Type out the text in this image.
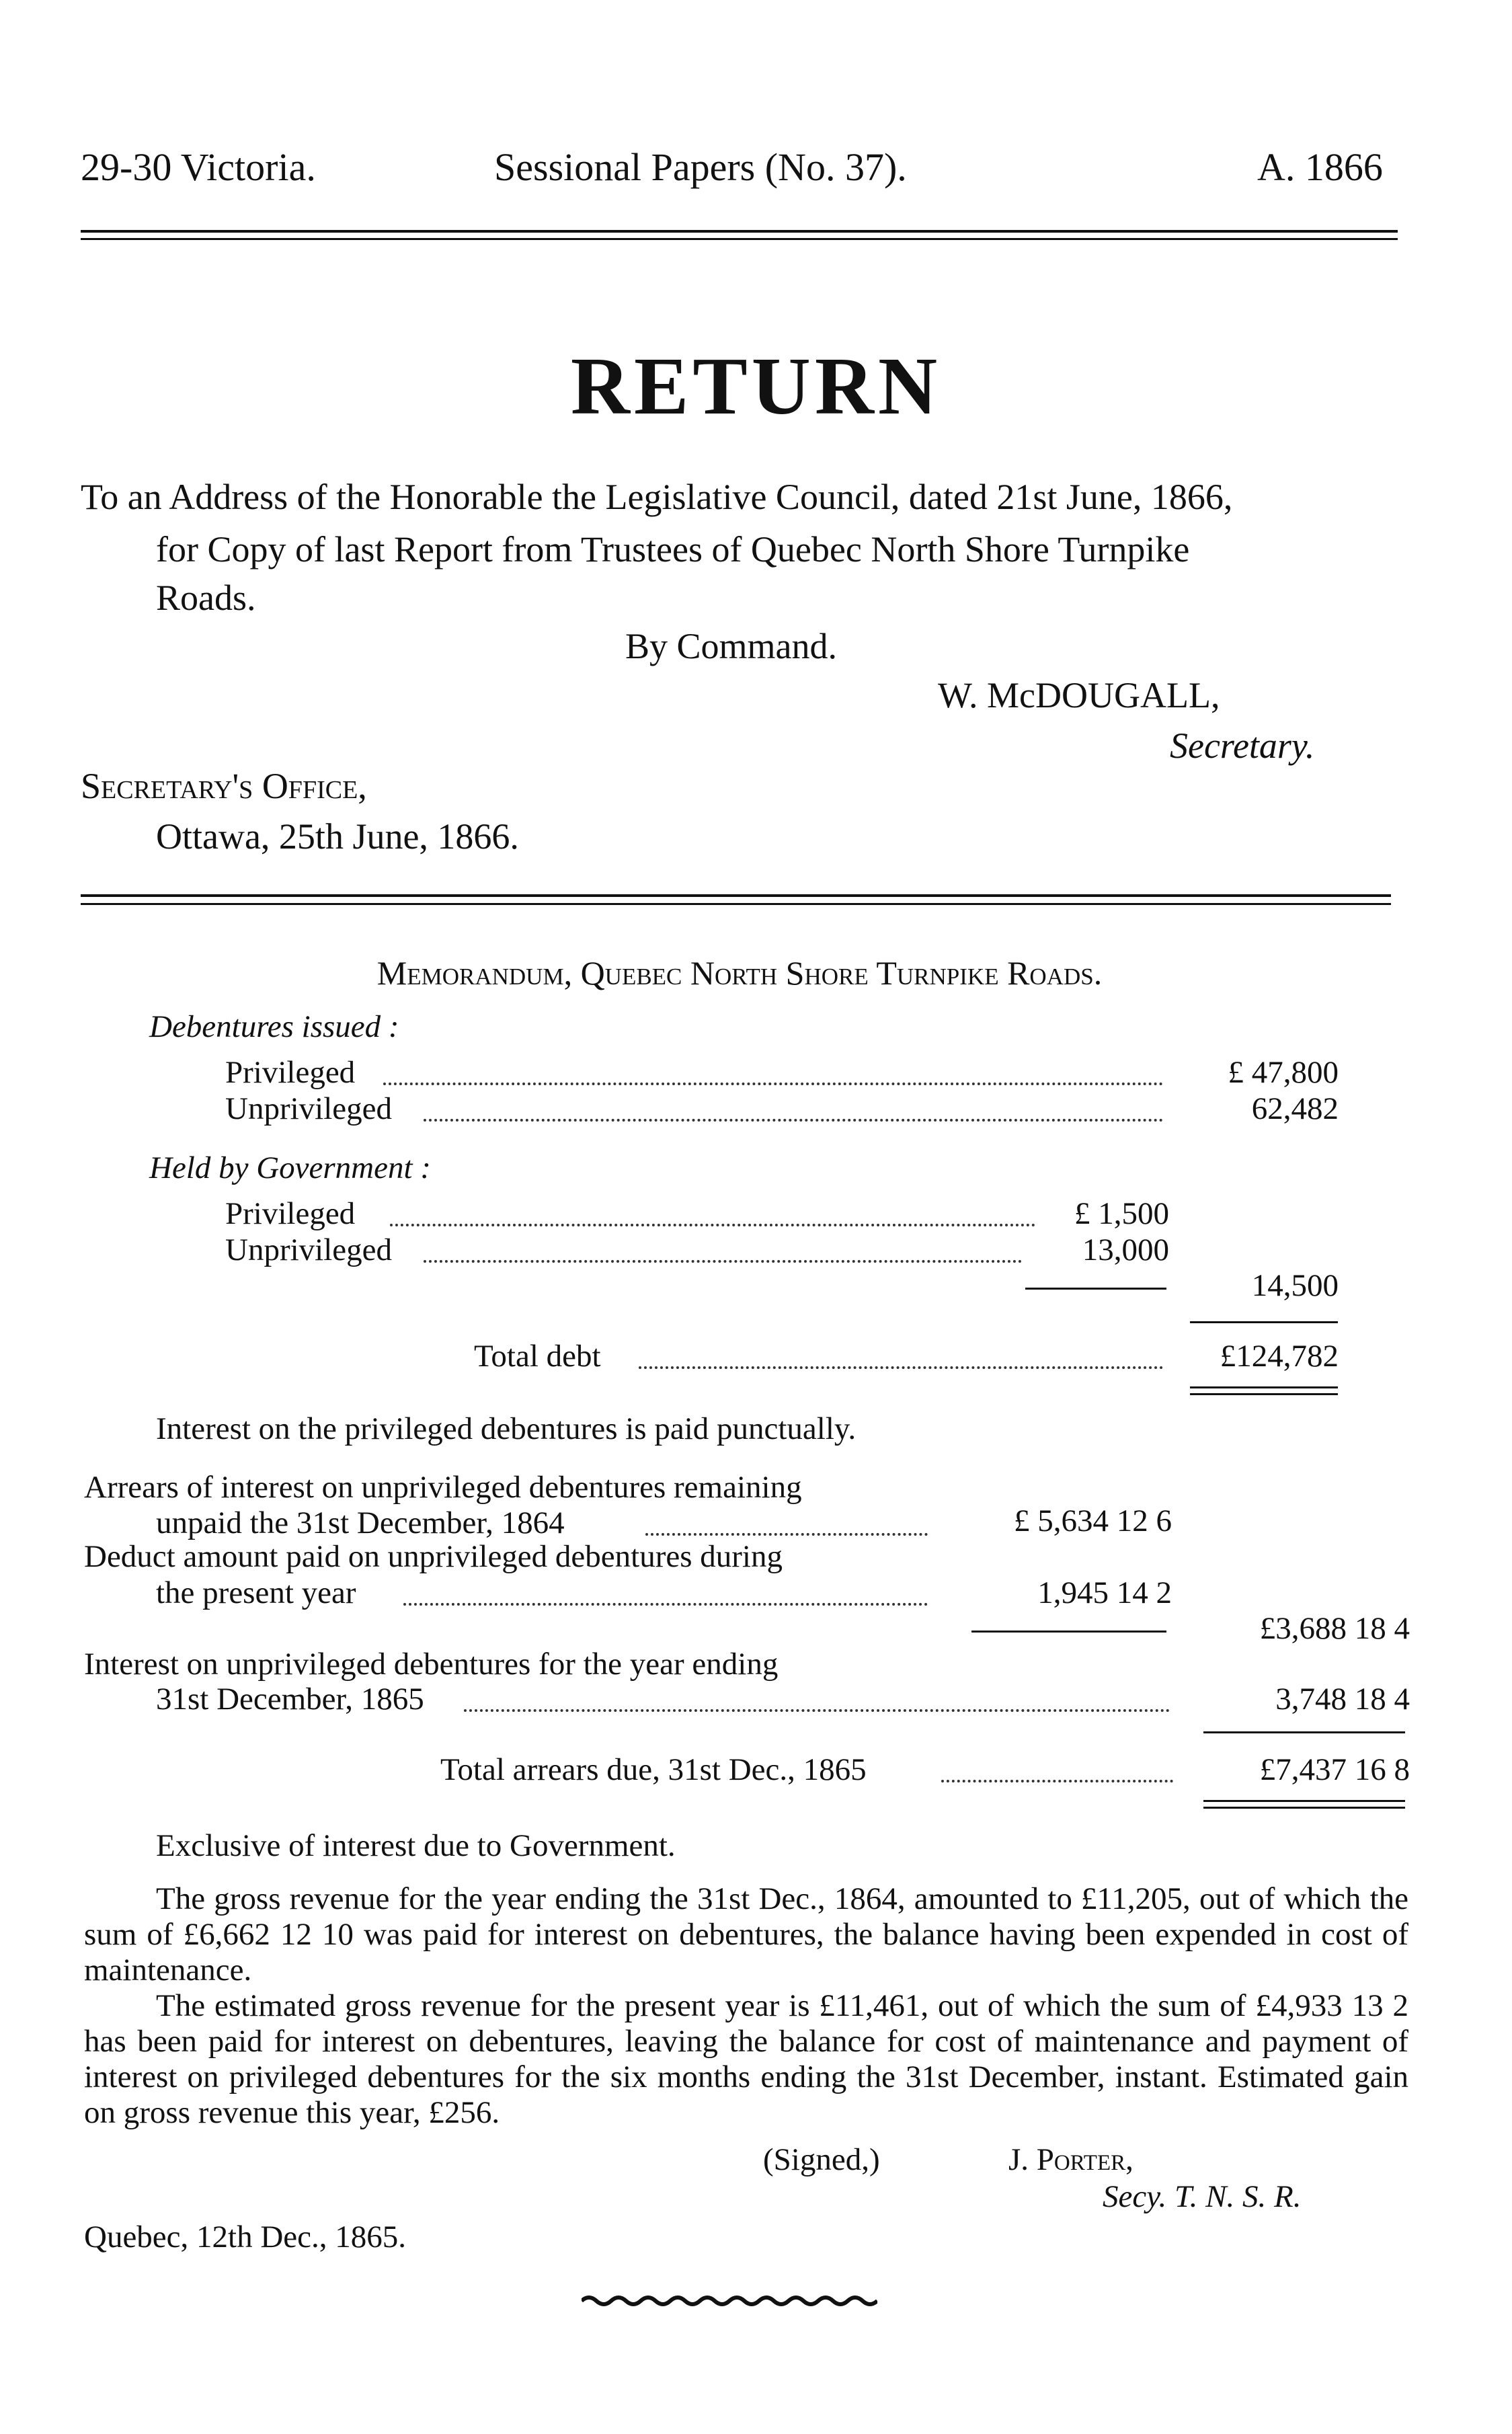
29-30 Victoria.	Sessional Papers (No. 37).	A. 1866
RETURN
To an Address of the Honorable the Legislative Council, dated 21st June, 1866,
for Copy of last Report from Trustees of Quebec North Shore Turnpike
Roads.
By Command.
W. McDOUGALL,
Secretary.
Secretary's Office,
Ottawa, 25th June, 1866.
Memorandum, Quebec North Shore Turnpike Roads.
Debentures issued :
Privileged	£ 47,800
Unprivileged	62,482
Held by Government :
Privileged	£ 1,500
Unprivileged	13,000
14,500
Total debt	£124,782
Interest on the privileged debentures is paid punctually.
Arrears of interest on unprivileged debentures remaining
unpaid the 31st December, 1864	£ 5,634 12 6
Deduct amount paid on unprivileged debentures during
the present year	1,945 14 2
£3,688 18 4
Interest on unprivileged debentures for the year ending
31st December, 1865	3,748 18 4
Total arrears due, 31st Dec., 1865	£7,437 16 8
Exclusive of interest due to Government.

The gross revenue for the year ending the 31st Dec., 1864, amounted to £11,205, out of which the sum of £6,662 12 10 was paid for interest on debentures, the balance having been expended in cost of maintenance.

The estimated gross revenue for the present year is £11,461, out of which the sum of £4,933 13 2 has been paid for interest on debentures, leaving the balance for cost of maintenance and payment of interest on privileged debentures for the six months ending the 31st December, instant. Estimated gain on gross revenue this year, £256.

(Signed,)	J. Porter,
Secy. T. N. S. R.
Quebec, 12th Dec., 1865.
